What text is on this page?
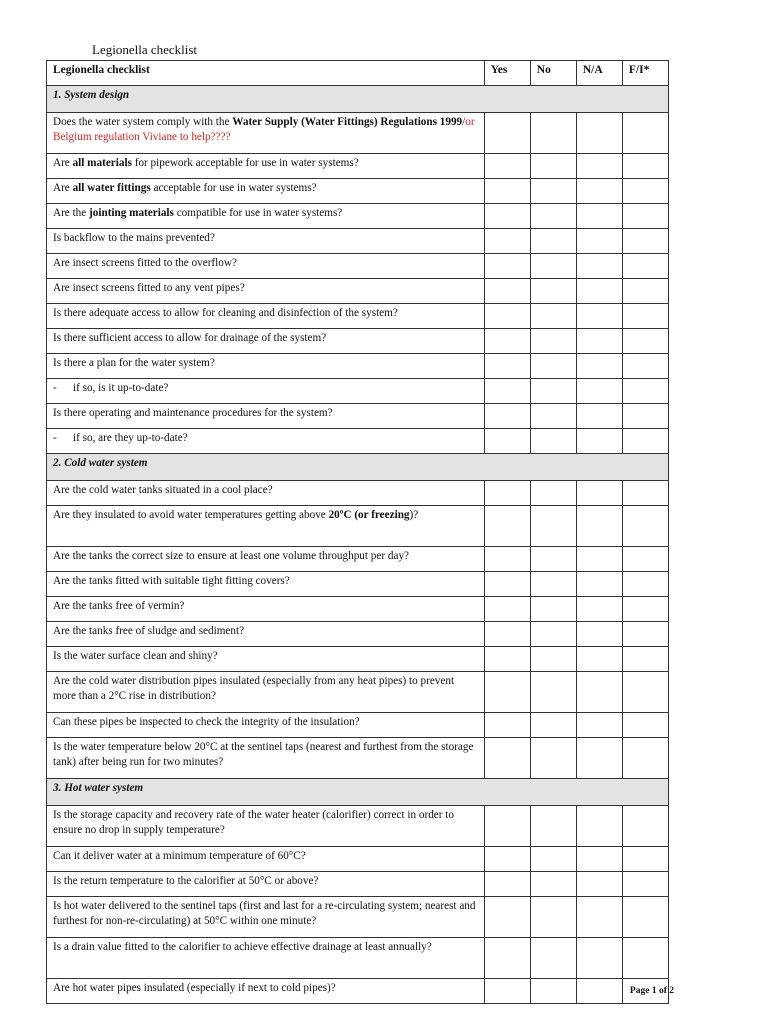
Legionella checklist
Legionella checklist	Yes	No	N/A	F/I*
1. System design				
Does the water system comply with the Water Supply (Water Fittings) Regulations 1999/or Belgium regulation Viviane to help????				
Are all materials for pipework acceptable for use in water systems?				
Are all water fittings acceptable for use in water systems?				
Are the jointing materials compatible for use in water systems?				
Is backflow to the mains prevented?				
Are insect screens fitted to the overflow?				
Are insect screens fitted to any vent pipes?				
Is there adequate access to allow for cleaning and disinfection of the system?				
Is there sufficient access to allow for drainage of the system?				
Is there a plan for the water system?				
- if so, is it up-to-date?				
Is there operating and maintenance procedures for the system?				
- if so, are they up-to-date?				
2. Cold water system				
Are the cold water tanks situated in a cool place?				
Are they insulated to avoid water temperatures getting above 20ºC (or freezing)?				
Are the tanks the correct size to ensure at least one volume throughput per day?				
Are the tanks fitted with suitable tight fitting covers?				
Are the tanks free of vermin?				
Are the tanks free of sludge and sediment?				
Is the water surface clean and shiny?				
Are the cold water distribution pipes insulated (especially from any heat pipes) to prevent more than a 2°C rise in distribution?				
Can these pipes be inspected to check the integrity of the insulation?				
Is the water temperature below 20°C at the sentinel taps (nearest and furthest from the storage tank) after being run for two minutes?				
3. Hot water system				
Is the storage capacity and recovery rate of the water heater (calorifier) correct in order to ensure no drop in supply temperature?				
Can it deliver water at a minimum temperature of 60°C?				
Is the return temperature to the calorifier at 50°C or above?				
Is hot water delivered to the sentinel taps (first and last for a re-circulating system; nearest and furthest for non-re-circulating) at 50°C within one minute?				
Is a drain value fitted to the calorifier to achieve effective drainage at least annually?				
Are hot water pipes insulated (especially if next to cold pipes)?					Page 1 of 2
